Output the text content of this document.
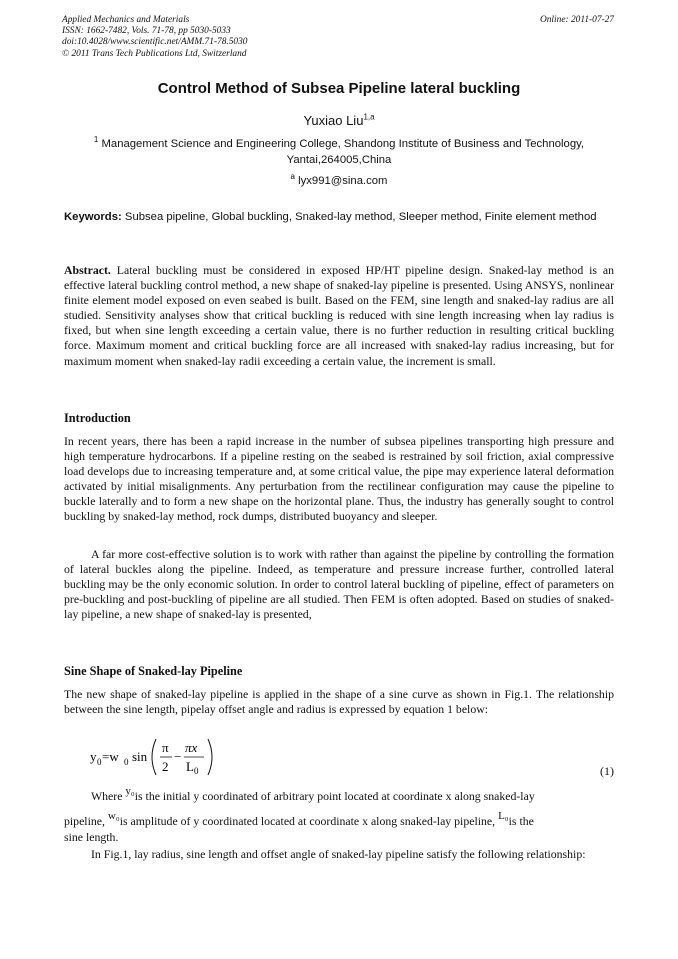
Applied Mechanics and Materials
ISSN: 1662-7482, Vols. 71-78, pp 5030-5033
doi:10.4028/www.scientific.net/AMM.71-78.5030
© 2011 Trans Tech Publications Ltd, Switzerland
Online: 2011-07-27
Control Method of Subsea Pipeline lateral buckling
Yuxiao Liu$^{1,a}$
$^1$ Management Science and Engineering College, Shandong Institute of Business and Technology,
Yantai,264005,China
$^a$ lyx991@sina.com
Keywords: Subsea pipeline, Global buckling, Snaked-lay method, Sleeper method, Finite element method
Abstract. Lateral buckling must be considered in exposed HP/HT pipeline design. Snaked-lay method is an effective lateral buckling control method, a new shape of snaked-lay pipeline is presented. Using ANSYS, nonlinear finite element model exposed on even seabed is built. Based on the FEM, sine length and snaked-lay radius are all studied. Sensitivity analyses show that critical buckling is reduced with sine length increasing when lay radius is fixed, but when sine length exceeding a certain value, there is no further reduction in resulting critical buckling force. Maximum moment and critical buckling force are all increased with snaked-lay radius increasing, but for maximum moment when snaked-lay radii exceeding a certain value, the increment is small.
Introduction
In recent years, there has been a rapid increase in the number of subsea pipelines transporting high pressure and high temperature hydrocarbons. If a pipeline resting on the seabed is restrained by soil friction, axial compressive load develops due to increasing temperature and, at some critical value, the pipe may experience lateral deformation activated by initial misalignments. Any perturbation from the rectilinear configuration may cause the pipeline to buckle laterally and to form a new shape on the horizontal plane. Thus, the industry has generally sought to control buckling by snaked-lay method, rock dumps, distributed buoyancy and sleeper.
A far more cost-effective solution is to work with rather than against the pipeline by controlling the formation of lateral buckles along the pipeline. Indeed, as temperature and pressure increase further, controlled lateral buckling may be the only economic solution. In order to control lateral buckling of pipeline, effect of parameters on pre-buckling and post-buckling of pipeline are all studied. Then FEM is often adopted. Based on studies of snaked-lay pipeline, a new shape of snaked-lay is presented,
Sine Shape of Snaked-lay Pipeline
The new shape of snaked-lay pipeline is applied in the shape of a sine curve as shown in Fig.1. The relationship between the sine length, pipelay offset angle and radius is expressed by equation 1 below:
y 0 =w 0 sin
π
2
−
πx
L 0	(1)
Where y₀is the initial y coordinated of arbitrary point located at coordinate x along snaked-lay
pipeline, w₀is amplitude of y coordinated located at coordinate x along snaked-lay pipeline, L₀is the
sine length.
In Fig.1, lay radius, sine length and offset angle of snaked-lay pipeline satisfy the following relationship:
